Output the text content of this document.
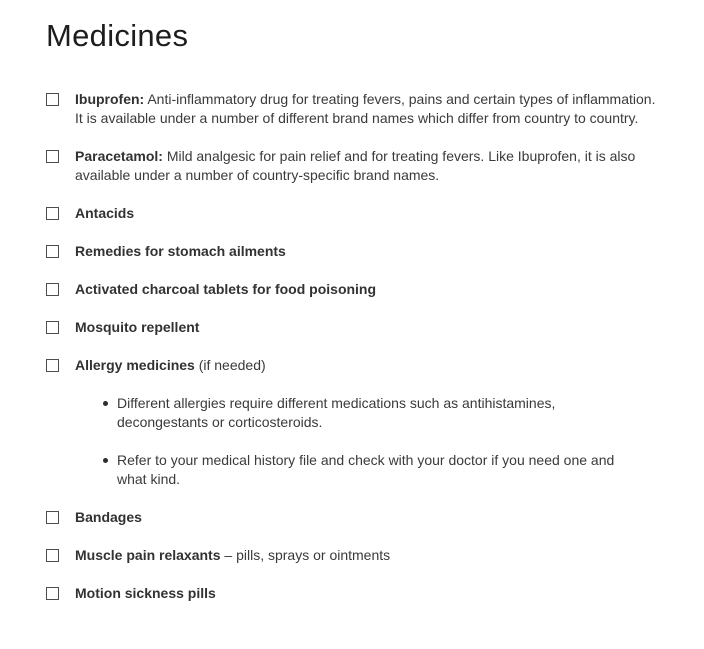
Medicines

Ibuprofen: Anti-inflammatory drug for treating fevers, pains and certain types of inflammation. It is available under a number of different brand names which differ from country to country.

Paracetamol: Mild analgesic for pain relief and for treating fevers. Like Ibuprofen, it is also available under a number of country-specific brand names.

Antacids

Remedies for stomach ailments

Activated charcoal tablets for food poisoning

Mosquito repellent

Allergy medicines (if needed)

Different allergies require different medications such as antihistamines, decongestants or corticosteroids.
Refer to your medical history file and check with your doctor if you need one and what kind.

Bandages

Muscle pain relaxants – pills, sprays or ointments

Motion sickness pills
